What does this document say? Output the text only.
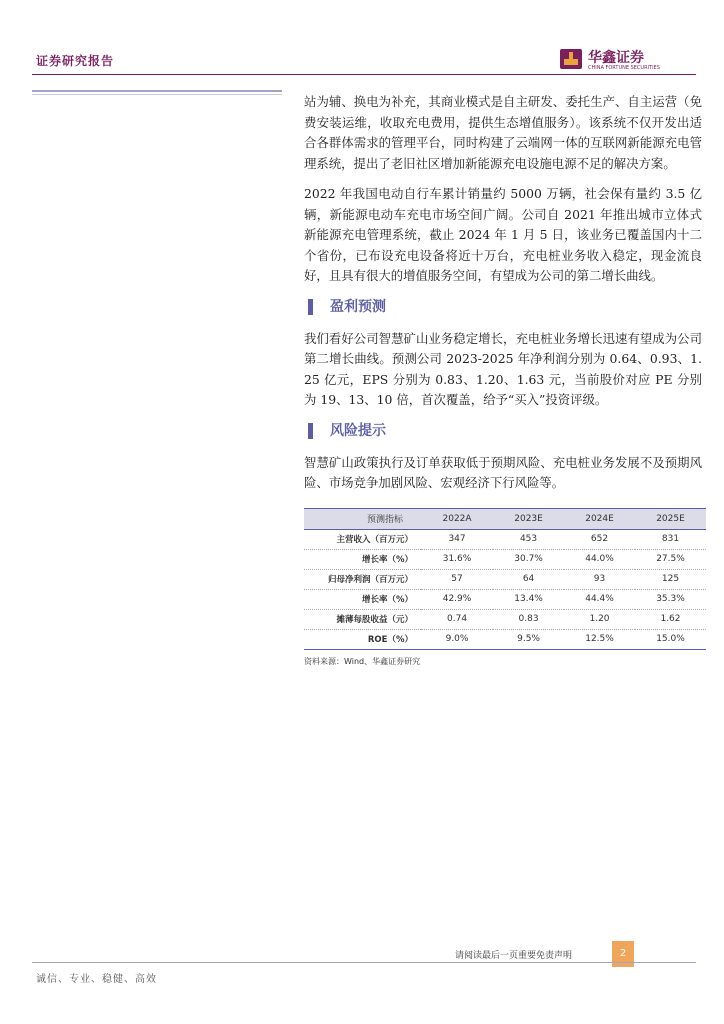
证券研究报告	华鑫证券
CHINA FORTUNE SECURITIES

站为辅、换电为补充，其商业模式是自主研发、委托生产、自主运营（免费安装运维，收取充电费用，提供生态增值服务）。该系统不仅开发出适合各群体需求的管理平台，同时构建了云端网一体的互联网新能源充电管理系统，提出了老旧社区增加新能源充电设施电源不足的解决方案。

2022 年我国电动自行车累计销量约 5000 万辆，社会保有量约 3.5 亿辆，新能源电动车充电市场空间广阔。公司自 2021 年推出城市立体式新能源充电管理系统，截止 2024 年 1 月 5 日，该业务已覆盖国内十二个省份，已布设充电设备将近十万台，充电桩业务收入稳定，现金流良好，且具有很大的增值服务空间，有望成为公司的第二增长曲线。

盈利预测

我们看好公司智慧矿山业务稳定增长，充电桩业务增长迅速有望成为公司第二增长曲线。预测公司 2023-2025 年净利润分别为 0.64、0.93、1.25 亿元，EPS 分别为 0.83、1.20、1.63 元，当前股价对应 PE 分别为 19、13、10 倍，首次覆盖，给予“买入”投资评级。

风险提示

智慧矿山政策执行及订单获取低于预期风险、充电桩业务发展不及预期风险、市场竞争加剧风险、宏观经济下行风险等。

预测指标	2022A	2023E	2024E	2025E
主营收入（百万元）	347	453	652	831
增长率（%）	31.6%	30.7%	44.0%	27.5%
归母净利润（百万元）	57	64	93	125
增长率（%）	42.9%	13.4%	44.4%	35.3%
摊薄每股收益（元）	0.74	0.83	1.20	1.62
ROE（%）	9.0%	9.5%	12.5%	15.0%
资料来源：Wind、华鑫证券研究
请阅读最后一页重要免责声明	2
诚信、专业、稳健、高效
